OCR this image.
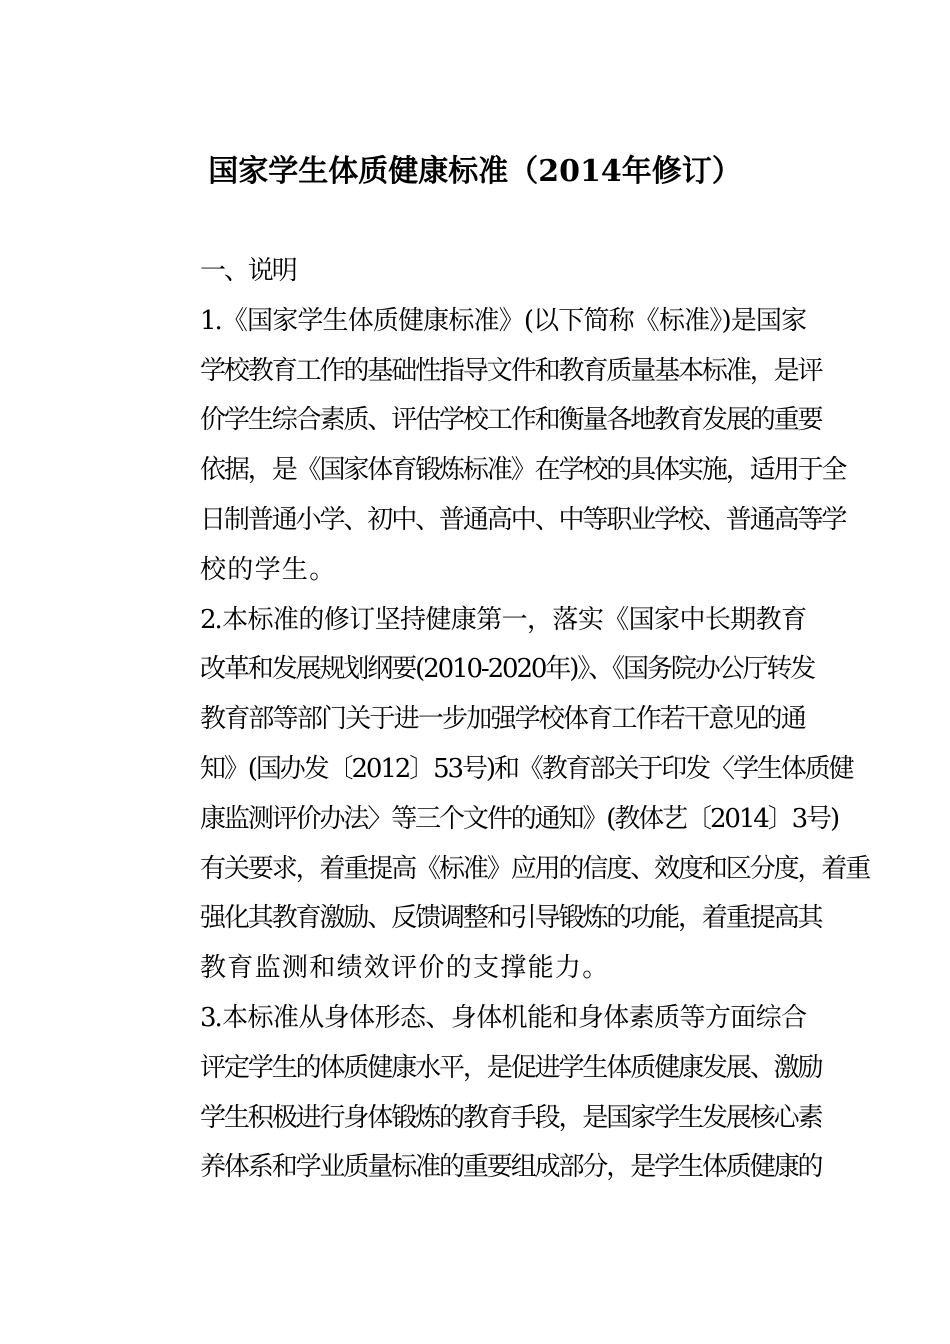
国家学生体质健康标准（2014年修订）

一、说明

1.《国家学生体质健康标准》(以下简称《标准》)是国家
学校教育工作的基础性指导文件和教育质量基本标准，是评
价学生综合素质、评估学校工作和衡量各地教育发展的重要
依据，是《国家体育锻炼标准》在学校的具体实施，适用于全
日制普通小学、初中、普通高中、中等职业学校、普通高等学
校的学生。

2.本标准的修订坚持健康第一，落实《国家中长期教育
改革和发展规划纲要(2010-2020年)》、《国务院办公厅转发
教育部等部门关于进一步加强学校体育工作若干意见的通
知》(国办发〔2012〕53号)和《教育部关于印发〈学生体质健
康监测评价办法〉等三个文件的通知》(教体艺〔2014〕3号)
有关要求，着重提高《标准》应用的信度、效度和区分度，着重
强化其教育激励、反馈调整和引导锻炼的功能，着重提高其
教育监测和绩效评价的支撑能力。

3.本标准从身体形态、身体机能和身体素质等方面综合
评定学生的体质健康水平，是促进学生体质健康发展、激励
学生积极进行身体锻炼的教育手段，是国家学生发展核心素
养体系和学业质量标准的重要组成部分，是学生体质健康的
